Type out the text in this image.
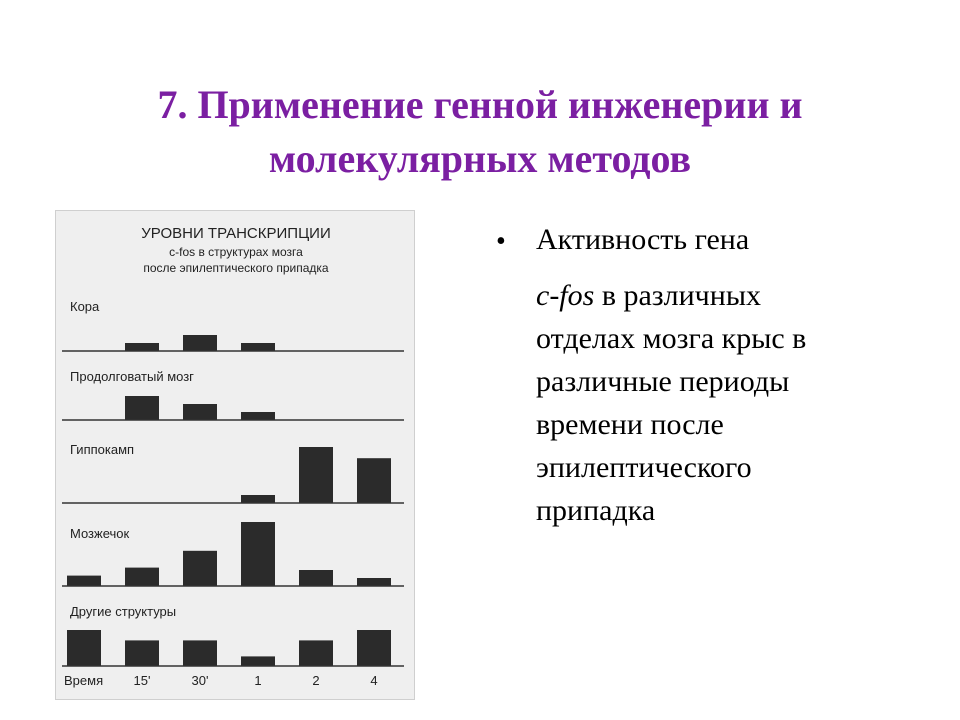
7. Применение генной инженерии и
молекулярных методов
УРОВНИ ТРАНСКРИПЦИИ
c-fos в структурах мозга
после эпилептического припадка
Кора
Продолговатый мозг
Гиппокамп
Мозжечок
Другие структуры
Время 15'	30'	1	2	4
• Активность гена
c-fos в различных
отделах мозга крыс в
различные периоды
времени после
эпилептического
припадка
